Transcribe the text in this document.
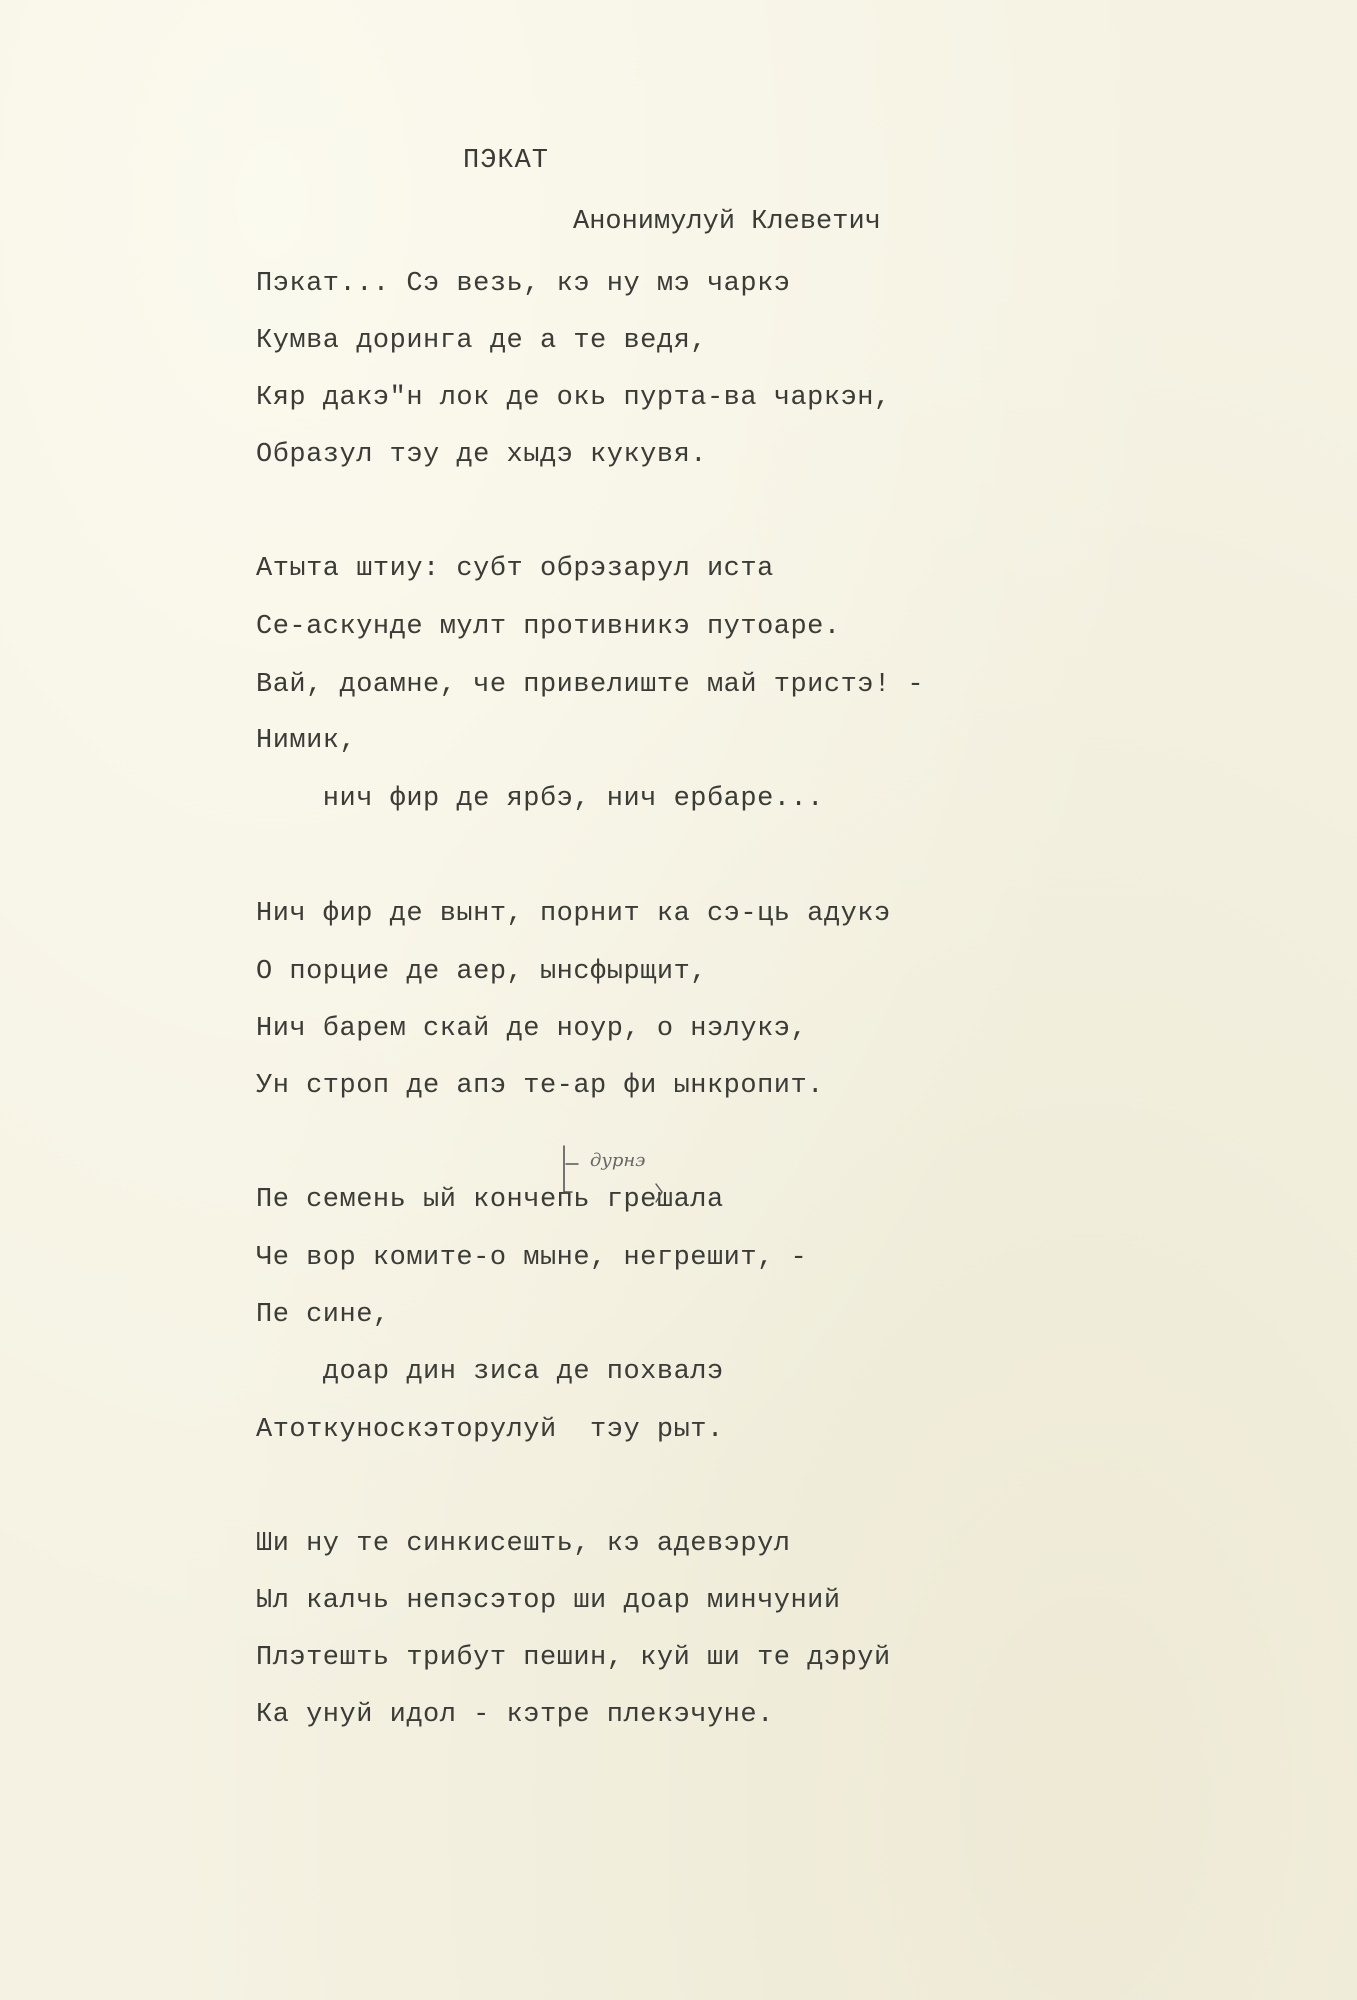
ПЭКАТ
Анонимулуй Клеветич
Пэкат... Сэ везь, кэ ну мэ чаркэ
Кумва доринга де а те ведя,
Кяр дакэ"н лок де окь пурта-ва чаркэн,
Образул тэу де хыдэ кукувя.
Атыта штиу: субт обрэзарул иста
Се-аскунде мулт противникэ путоаре.
Вай, доамне, че привелиште май тристэ! -
Нимик,
нич фир де ярбэ, нич ербаре...
Нич фир де вынт, порнит ка сэ-ць адукэ
О порцие де аер, ынсфырщит,
Нич барем скай де ноур, о нэлукэ,
Ун строп де апэ те-ар фи ынкропит.
Пе семень ый кончепь грешала
Че вор комите-о мыне, негрешит, -
Пе сине,
доар дин зиса де похвалэ
Атоткуноскэторулуй  тэу рыт.
Ши ну те синкисешть, кэ адевэрул
Ыл калчь непэсэтор ши доар минчуний
Плэтешть трибут пешин, куй ши те дэруй
Ка унуй идол - кэтре плекэчуне.
дурнэ
